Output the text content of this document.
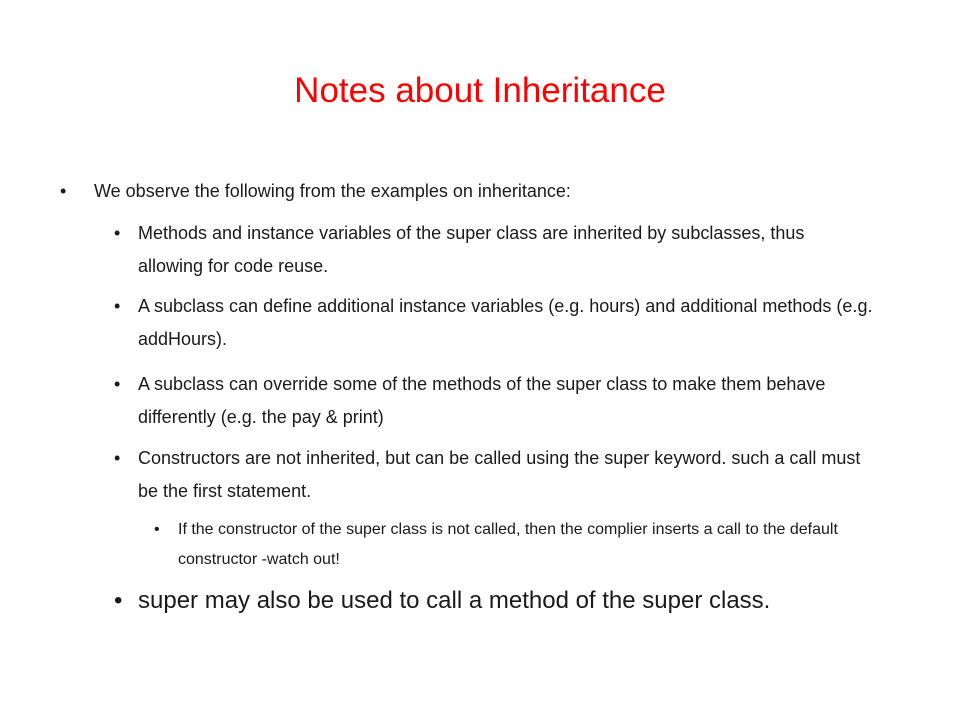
Notes about Inheritance
•	We observe the following from the examples on inheritance:
• Methods and instance variables of the super class are inherited by subclasses, thus allowing for code reuse.
• A subclass can define additional instance variables (e.g. hours) and additional methods (e.g. addHours).
• A subclass can override some of the methods of the super class to make them behave differently (e.g. the pay & print)
• Constructors are not inherited, but can be called using the super keyword. such a call must be the first statement.
•	If the constructor of the super class is not called, then the complier inserts a call to the default constructor -watch out!
• super may also be used to call a method of the super class.
